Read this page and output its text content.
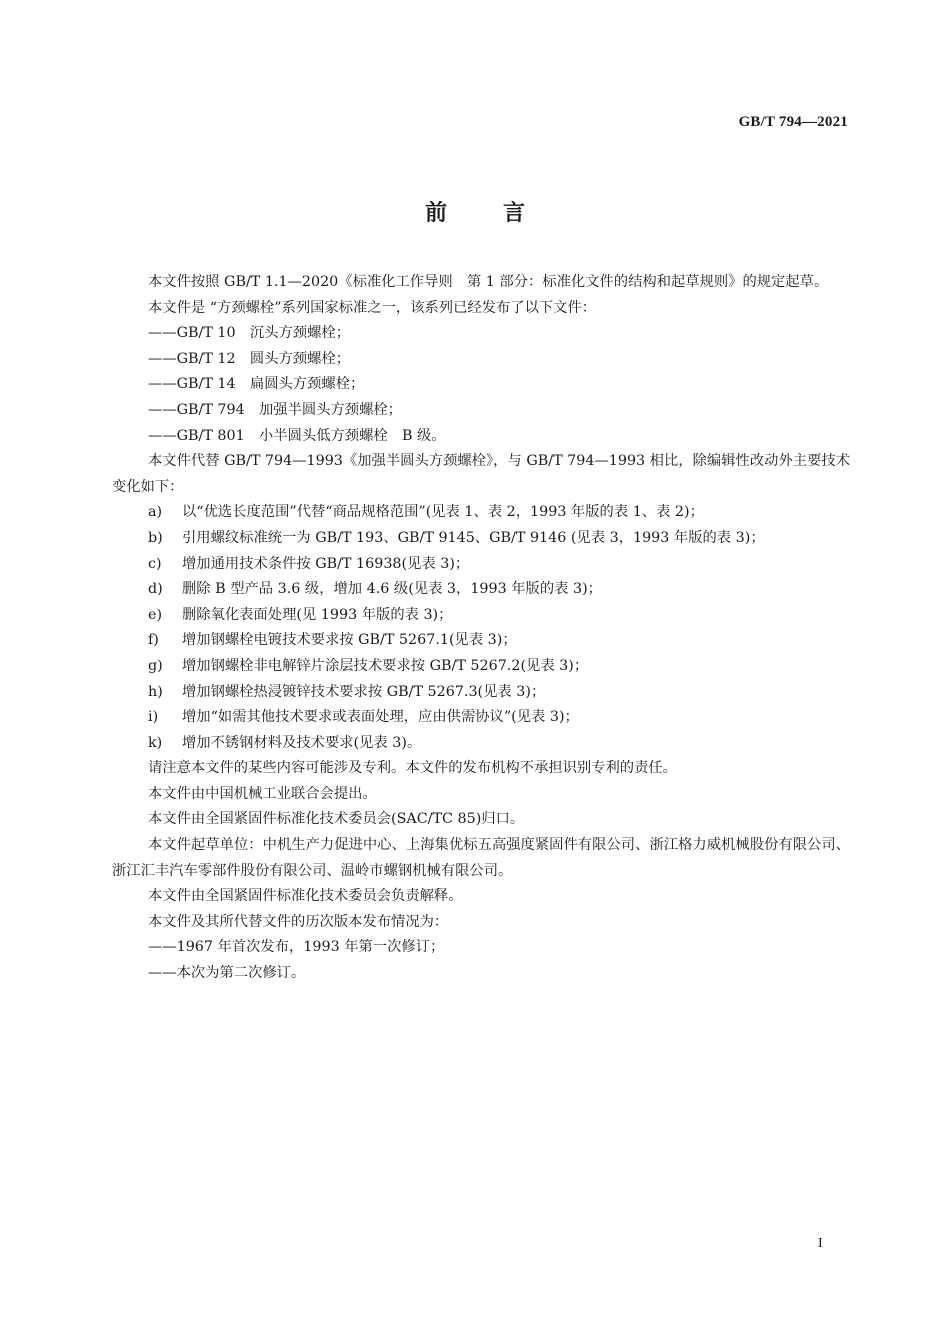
GB/T 794—2021
前言

本文件按照 GB/T 1.1—2020《标准化工作导则　第 1 部分：标准化文件的结构和起草规则》的规定起草。

本文件是 “方颈螺栓”系列国家标准之一，该系列已经发布了以下文件：

——GB/T 10　沉头方颈螺栓；

——GB/T 12　圆头方颈螺栓；

——GB/T 14　扁圆头方颈螺栓；

——GB/T 794　加强半圆头方颈螺栓；

——GB/T 801　小半圆头低方颈螺栓　B 级。

本文件代替 GB/T 794—1993《加强半圆头方颈螺栓》，与 GB/T 794—1993 相比，除编辑性改动外主要技术变化如下：

a)	以“优选长度范围”代替“商品规格范围”(见表 1、表 2，1993 年版的表 1、表 2)；
b)	引用螺纹标准统一为 GB/T 193、GB/T 9145、GB/T 9146 (见表 3，1993 年版的表 3)；
c)	增加通用技术条件按 GB/T 16938(见表 3)；
d)	删除 B 型产品 3.6 级，增加 4.6 级(见表 3，1993 年版的表 3)；
e)	删除氧化表面处理(见 1993 年版的表 3)；
f)	增加钢螺栓电镀技术要求按 GB/T 5267.1(见表 3)；
g)	增加钢螺栓非电解锌片涂层技术要求按 GB/T 5267.2(见表 3)；
h)	增加钢螺栓热浸镀锌技术要求按 GB/T 5267.3(见表 3)；
i)	增加“如需其他技术要求或表面处理，应由供需协议”(见表 3)；
k)	增加不锈钢材料及技术要求(见表 3)。

请注意本文件的某些内容可能涉及专利。本文件的发布机构不承担识别专利的责任。

本文件由中国机械工业联合会提出。

本文件由全国紧固件标准化技术委员会(SAC/TC 85)归口。

本文件起草单位：中机生产力促进中心、上海集优标五高强度紧固件有限公司、浙江格力威机械股份有限公司、浙江汇丰汽车零部件股份有限公司、温岭市螺钢机械有限公司。

本文件由全国紧固件标准化技术委员会负责解释。

本文件及其所代替文件的历次版本发布情况为：

——1967 年首次发布，1993 年第一次修订；

——本次为第二次修订。

I
